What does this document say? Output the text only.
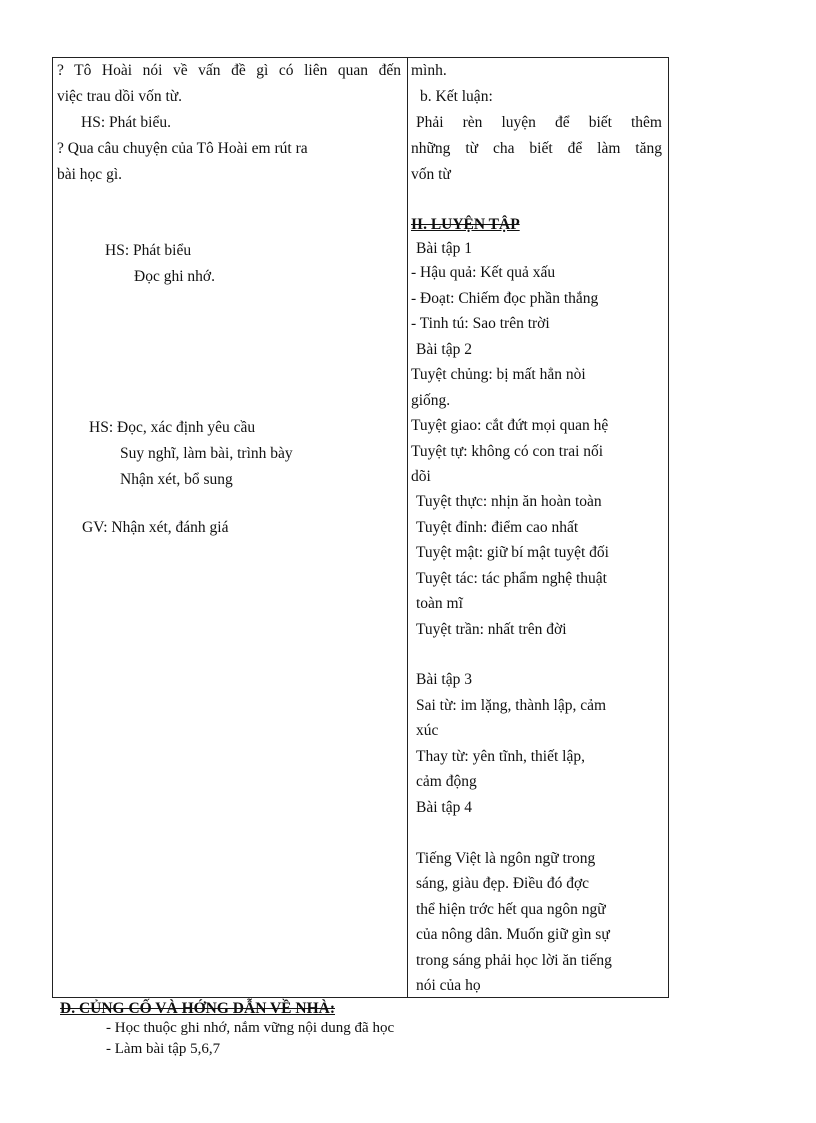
? Tô Hoài nói về vấn đề gì có liên quan đến
việc trau dồi vốn từ.
HS: Phát biểu.
? Qua câu chuyện của Tô Hoài em rút ra
bài học gì.
HS: Phát biểu
Đọc ghi nhớ.
HS: Đọc, xác định yêu cầu
Suy nghĩ, làm bài, trình bày
Nhận xét, bổ sung
GV: Nhận xét, đánh giá
mình.
b. Kết luận:
Phải rèn luyện để biết thêm
những từ cha biết để làm tăng
vốn từ
II. LUYỆN TẬP
Bài tập 1
- Hậu quả: Kết quả xấu
- Đoạt: Chiếm đọc phần thắng
- Tinh tú: Sao trên trời
Bài tập 2
Tuyệt chủng: bị mất hẳn nòi
giống.
Tuyệt giao: cắt đứt mọi quan hệ
Tuyệt tự: không có con trai nối
dõi
Tuyệt thực: nhịn ăn hoàn toàn
Tuyệt đỉnh: điểm cao nhất
Tuyệt mật: giữ bí mật tuyệt đối
Tuyệt tác: tác phẩm nghệ thuật
toàn mĩ
Tuyệt trần: nhất trên đời
Bài tập 3
Sai từ: im lặng, thành lập, cảm
xúc
Thay từ: yên tĩnh, thiết lập,
cảm động
Bài tập 4
Tiếng Việt là ngôn ngữ trong
sáng, giàu đẹp. Điều đó đợc
thể hiện trớc hết qua ngôn ngữ
của nông dân. Muốn giữ gìn sự
trong sáng phải học lời ăn tiếng
nói của họ
D. CỦNG CỐ VÀ HỚNG DẪN VỀ NHÀ:
- Học thuộc ghi nhớ, nắm vững nội dung đã học
- Làm bài tập 5,6,7
